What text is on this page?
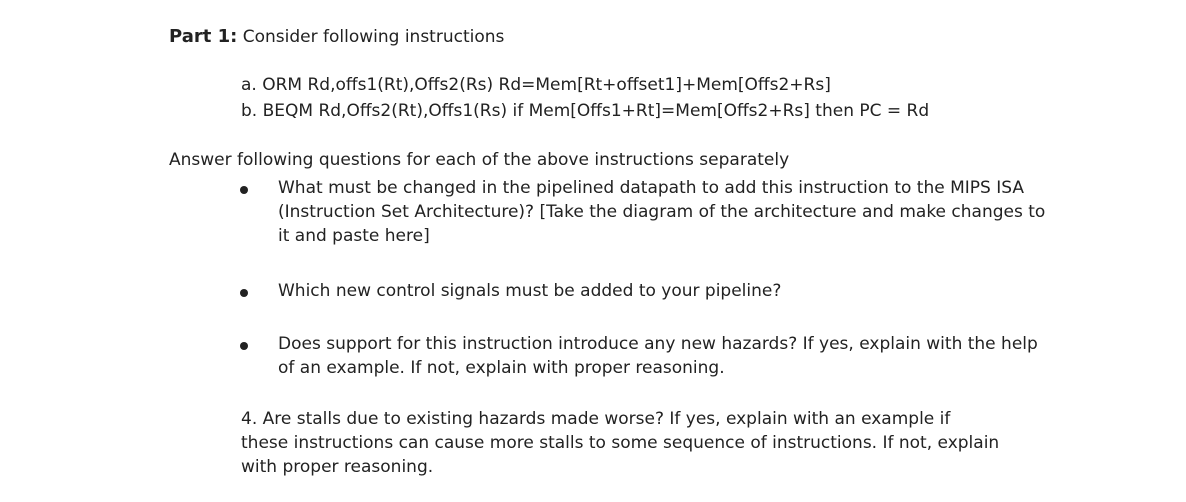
Part 1: Consider following instructions
a. ORM Rd,offs1(Rt),Offs2(Rs) Rd=Mem[Rt+offset1]+Mem[Offs2+Rs]
b. BEQM Rd,Offs2(Rt),Offs1(Rs) if Mem[Offs1+Rt]=Mem[Offs2+Rs] then PC = Rd
Answer following questions for each of the above instructions separately
What must be changed in the pipelined datapath to add this instruction to the MIPS ISA (Instruction Set Architecture)? [Take the diagram of the architecture and make changes to it and paste here]
Which new control signals must be added to your pipeline?
Does support for this instruction introduce any new hazards? If yes, explain with the help of an example. If not, explain with proper reasoning.
4. Are stalls due to existing hazards made worse? If yes, explain with an example if these instructions can cause more stalls to some sequence of instructions. If not, explain with proper reasoning.
